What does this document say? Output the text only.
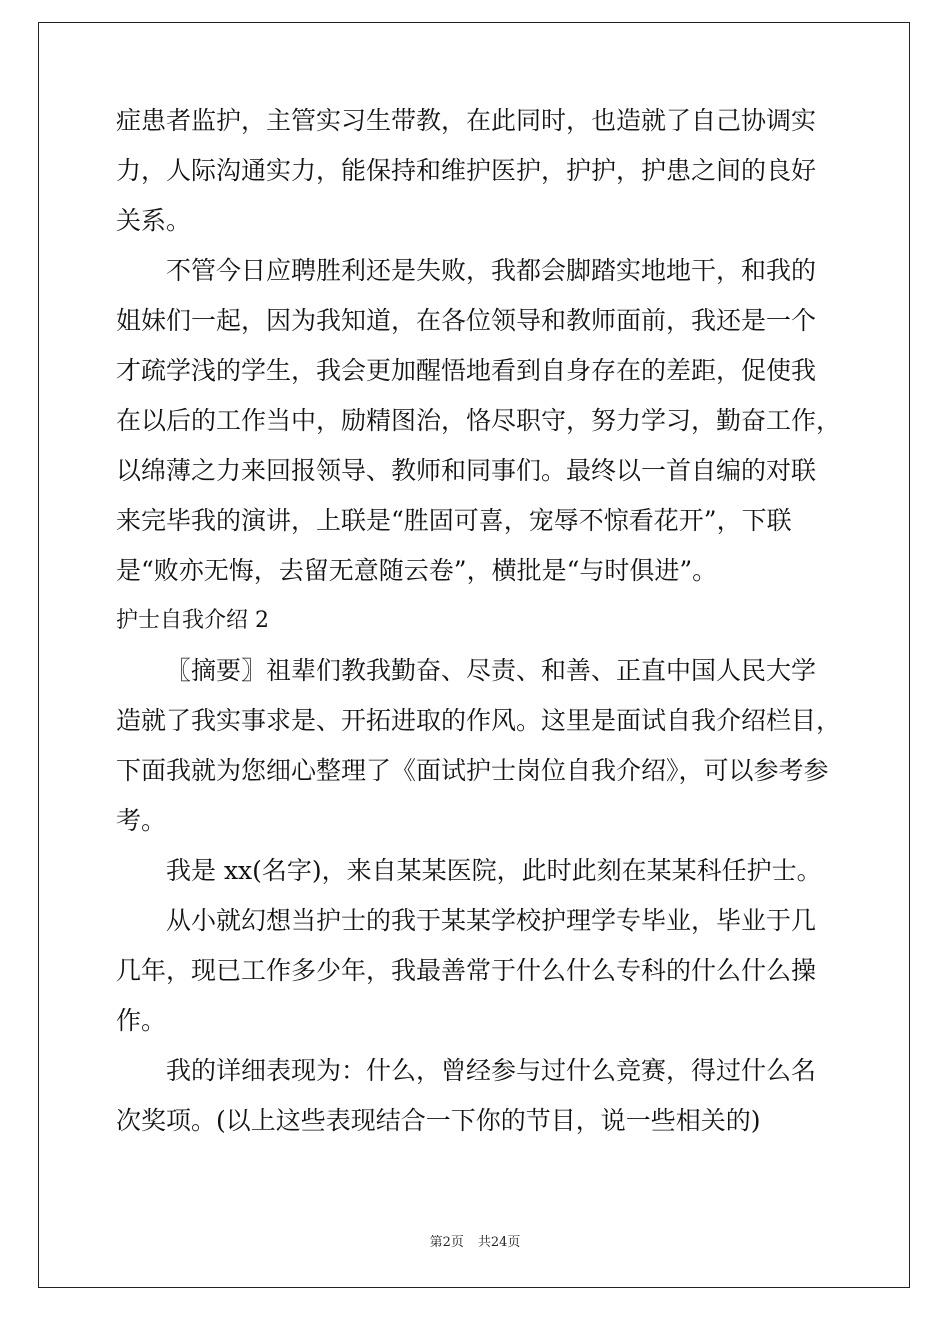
症患者监护，主管实习生带教，在此同时，也造就了自己协调实
力，人际沟通实力，能保持和维护医护，护护，护患之间的良好
关系。
不管今日应聘胜利还是失败，我都会脚踏实地地干，和我的
姐妹们一起，因为我知道，在各位领导和教师面前，我还是一个
才疏学浅的学生，我会更加醒悟地看到自身存在的差距，促使我
在以后的工作当中，励精图治，恪尽职守，努力学习，勤奋工作，
以绵薄之力来回报领导、教师和同事们。最终以一首自编的对联
来完毕我的演讲，上联是“胜固可喜，宠辱不惊看花开”，下联
是“败亦无悔，去留无意随云卷”，横批是“与时俱进”。
护士自我介绍 2
〖摘要〗祖辈们教我勤奋、尽责、和善、正直中国人民大学
造就了我实事求是、开拓进取的作风。这里是面试自我介绍栏目，
下面我就为您细心整理了《面试护士岗位自我介绍》，可以参考参
考。
我是 xx(名字)，来自某某医院，此时此刻在某某科任护士。
从小就幻想当护士的我于某某学校护理学专毕业，毕业于几
几年，现已工作多少年，我最善常于什么什么专科的什么什么操
作。
我的详细表现为：什么，曾经参与过什么竞赛，得过什么名
次奖项。(以上这些表现结合一下你的节目，说一些相关的)
第2页 共24页
